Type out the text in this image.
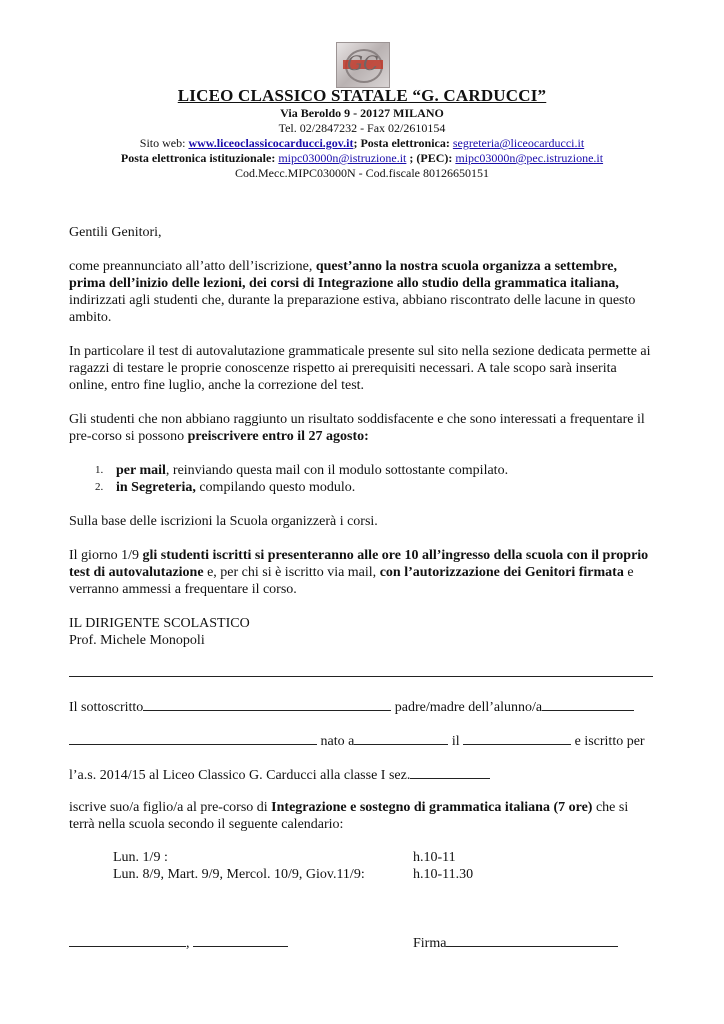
GC
LICEO CLASSICO STATALE “G. CARDUCCI”
Via Beroldo 9 - 20127 MILANO
Tel. 02/2847232 - Fax 02/2610154
Sito web: www.liceoclassicocarducci.gov.it; Posta elettronica: segreteria@liceocarducci.it
Posta elettronica istituzionale: mipc03000n@istruzione.it ; (PEC): mipc03000n@pec.istruzione.it
Cod.Mecc.MIPC03000N - Cod.fiscale 80126650151

Gentili Genitori,

come preannunciato all’atto dell’iscrizione, quest’anno la nostra scuola organizza a settembre, prima dell’inizio delle lezioni, dei corsi di Integrazione allo studio della grammatica italiana, indirizzati agli studenti che, durante la preparazione estiva, abbiano riscontrato delle lacune in questo ambito.

In particolare il test di autovalutazione grammaticale presente sul sito nella sezione dedicata permette ai ragazzi di testare le proprie conoscenze rispetto ai prerequisiti necessari. A tale scopo sarà inserita online, entro fine luglio, anche la correzione del test.

Gli studenti che non abbiano raggiunto un risultato soddisfacente e che sono interessati a frequentare il pre-corso si possono preiscrivere entro il 27 agosto:

1. per mail, reinviando questa mail con il modulo sottostante compilato.
2. in Segreteria, compilando questo modulo.

Sulla base delle iscrizioni la Scuola organizzerà i corsi.

Il giorno 1/9 gli studenti iscritti si presenteranno alle ore 10 all’ingresso della scuola con il proprio test di autovalutazione e, per chi si è iscritto via mail, con l’autorizzazione dei Genitori firmata e verranno ammessi a frequentare il corso.

IL DIRIGENTE SCOLASTICO

Prof. Michele Monopoli

Il sottoscritto	padre/madre dell’alunno/a
nato a	il	e iscritto per
l’a.s. 2014/15 al Liceo Classico G. Carducci alla classe I sez.
iscrive suo/a figlio/a al pre-corso di Integrazione e sostegno di grammatica italiana (7 ore) che si terrà nella scuola secondo il seguente calendario:
Lun. 1/9 :	h.10-11
Lun. 8/9, Mart. 9/9, Mercol. 10/9, Giov.11/9:	h.10-11.30
,	Firma
